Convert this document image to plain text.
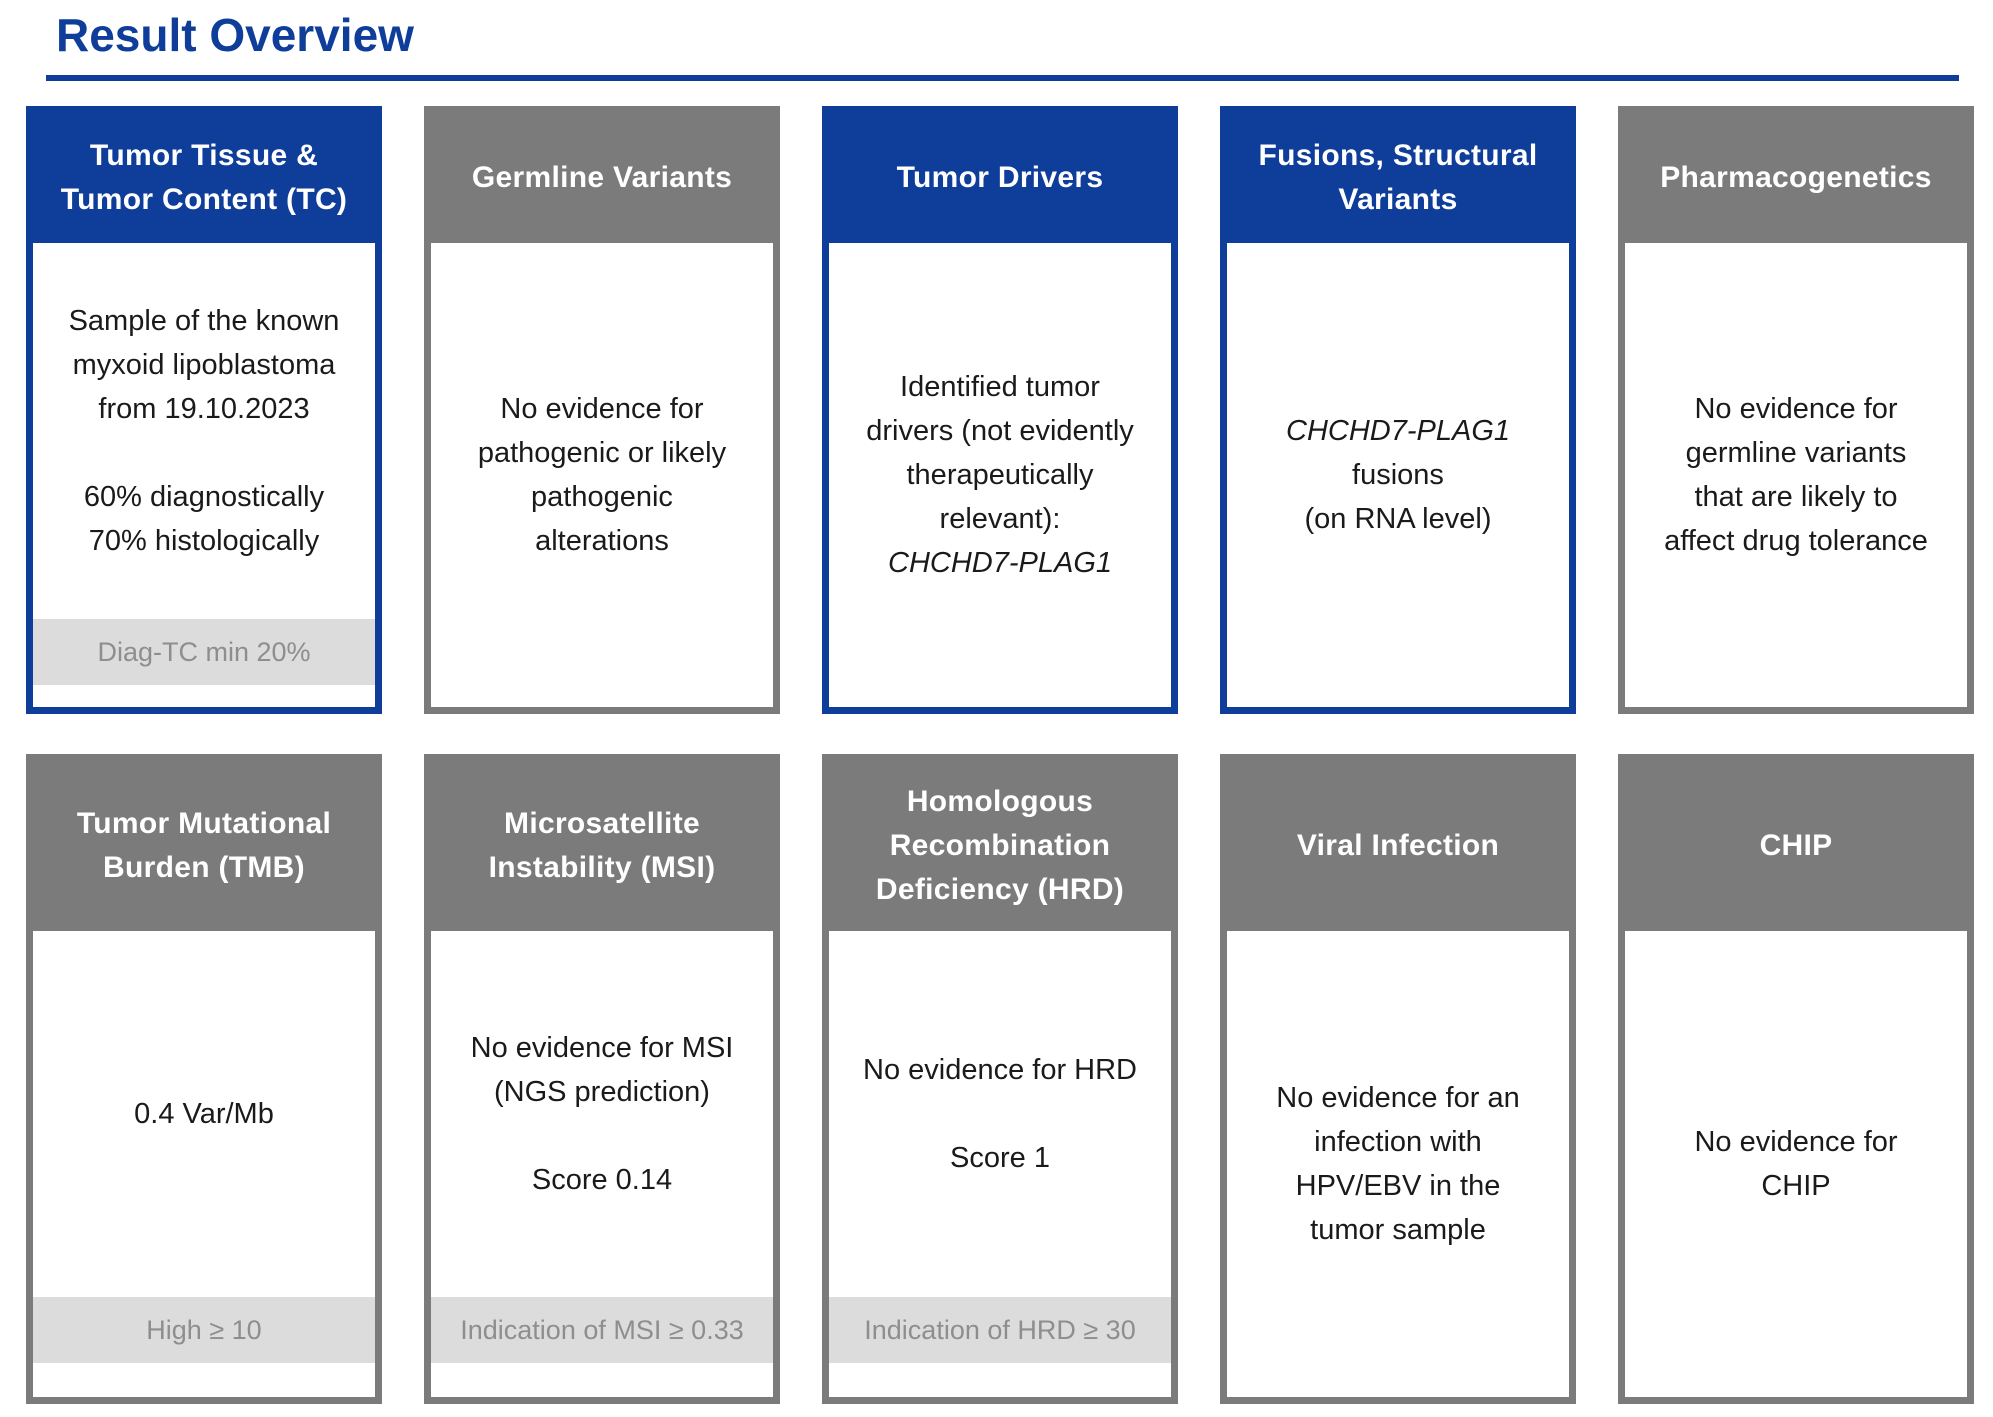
Result Overview
Tumor Tissue &
Tumor Content (TC)

Sample of the known
myxoid lipoblastoma
from 19.10.2023

60% diagnostically
70% histologically

Diag-TC min 20%
Germline Variants

No evidence for
pathogenic or likely
pathogenic
alterations

Tumor Drivers

Identified tumor
drivers (not evidently
therapeutically
relevant):

CHCHD7-PLAG1

Fusions, Structural
Variants

CHCHD7-PLAG1

fusions
(on RNA level)

Pharmacogenetics

No evidence for
germline variants
that are likely to
affect drug tolerance

Tumor Mutational
Burden (TMB)

0.4 Var/Mb

High ≥ 10
Microsatellite
Instability (MSI)

No evidence for MSI
(NGS prediction)

Score 0.14

Indication of MSI ≥ 0.33
Homologous
Recombination
Deficiency (HRD)

No evidence for HRD

Score 1

Indication of HRD ≥ 30
Viral Infection

No evidence for an
infection with
HPV/EBV in the
tumor sample

CHIP

No evidence for
CHIP
